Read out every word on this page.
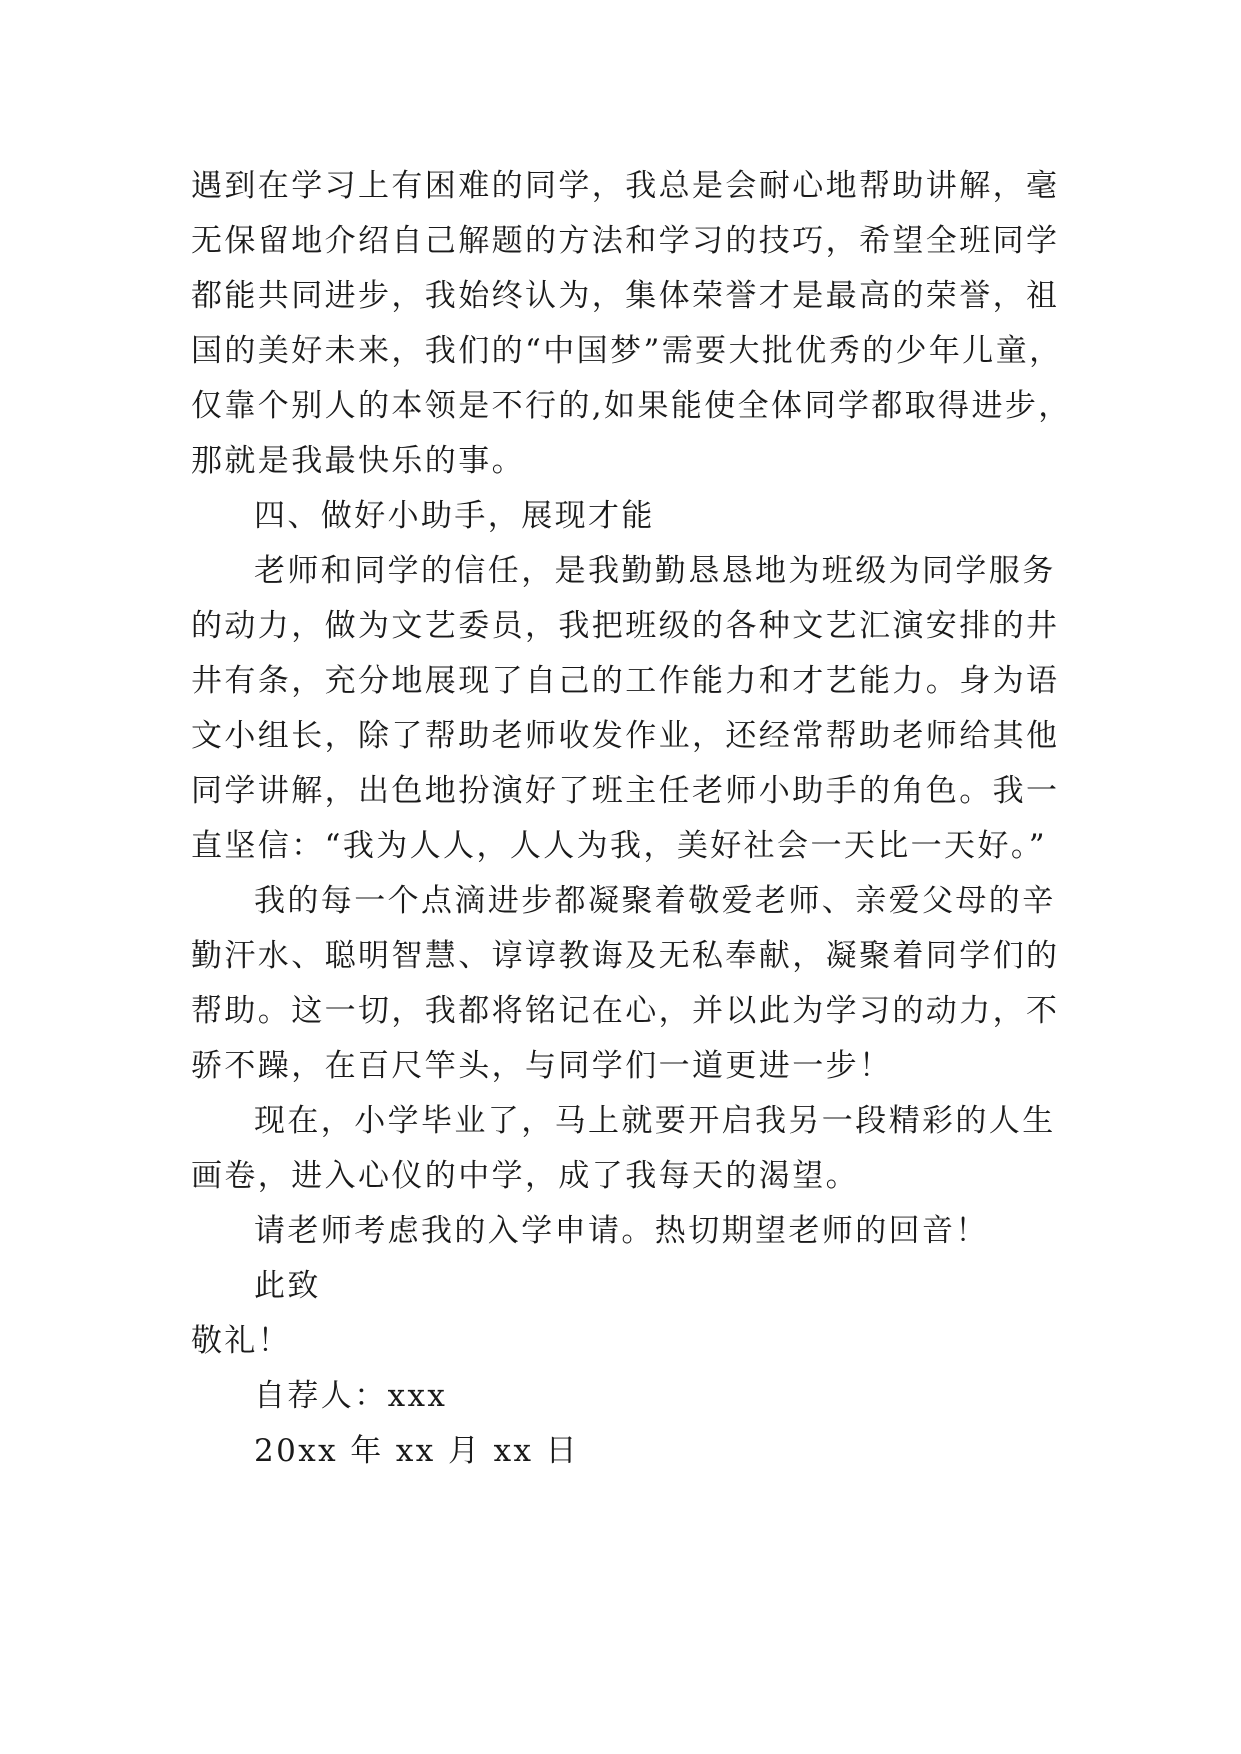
遇到在学习上有困难的同学，我总是会耐心地帮助讲解，毫
无保留地介绍自己解题的方法和学习的技巧，希望全班同学
都能共同进步，我始终认为，集体荣誉才是最高的荣誉，祖
国的美好未来，我们的“中国梦”需要大批优秀的少年儿童，
仅靠个别人的本领是不行的,如果能使全体同学都取得进步，
那就是我最快乐的事。
四、做好小助手，展现才能
老师和同学的信任，是我勤勤恳恳地为班级为同学服务
的动力，做为文艺委员，我把班级的各种文艺汇演安排的井
井有条，充分地展现了自己的工作能力和才艺能力。身为语
文小组长，除了帮助老师收发作业，还经常帮助老师给其他
同学讲解，出色地扮演好了班主任老师小助手的角色。我一
直坚信：“我为人人，人人为我，美好社会一天比一天好。”
我的每一个点滴进步都凝聚着敬爱老师、亲爱父母的辛
勤汗水、聪明智慧、谆谆教诲及无私奉献，凝聚着同学们的
帮助。这一切，我都将铭记在心，并以此为学习的动力，不
骄不躁，在百尺竿头，与同学们一道更进一步！
现在，小学毕业了，马上就要开启我另一段精彩的人生
画卷，进入心仪的中学，成了我每天的渴望。
请老师考虑我的入学申请。热切期望老师的回音！
此致
敬礼！
自荐人：xxx
20xx 年 xx 月 xx 日
